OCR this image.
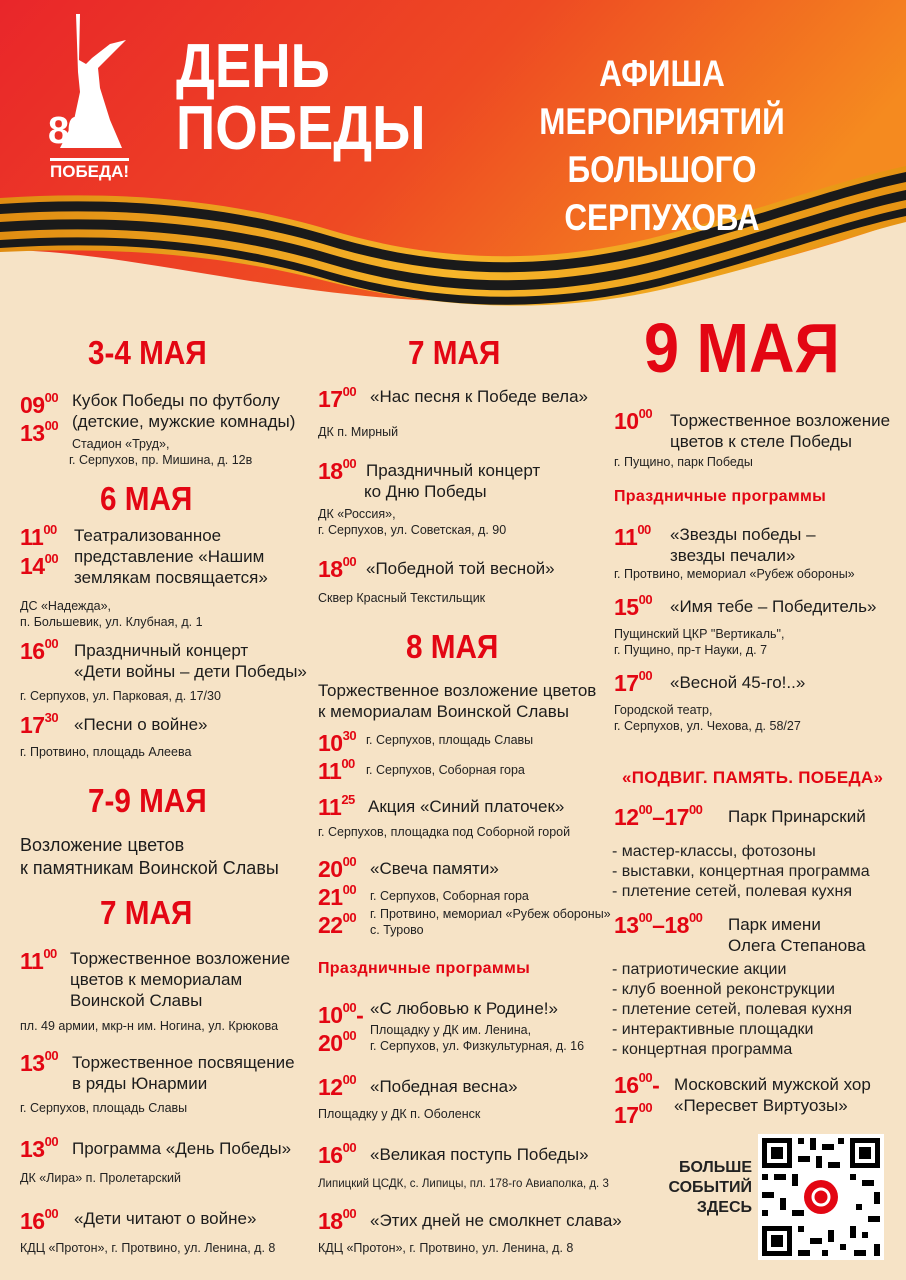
80
ПОБЕДА!
ДЕНЬ
ПОБЕДЫ
АФИША МЕРОПРИЯТИЙ
БОЛЬШОГО СЕРПУХОВА
3-4 МАЯ
$09^{00}$
$13^{00}$
Кубок Победы по футболу
(детские, мужские комнады)
Стадион «Труд»,
г. Серпухов, пр. Мишина, д. 12в
6 МАЯ
$11^{00}$
$14^{00}$
Театрализованное
представление «Нашим
землякам посвящается»
ДС «Надежда»,
п. Большевик, ул. Клубная, д. 1
$16^{00}$ Праздничный концерт
«Дети войны – дети Победы»
г. Серпухов, ул. Парковая, д. 17/30
$17^{30}$ «Песни о войне»
г. Протвино, площадь Алеева
7-9 МАЯ
Возложение цветов
к памятникам Воинской Славы
7 МАЯ
$11^{00}$ Торжественное возложение
цветов к мемориалам
Воинской Славы
пл. 49 армии, мкр-н им. Ногина, ул. Крюкова
$13^{00}$ Торжественное посвящение
в ряды Юнармии
г. Серпухов, площадь Славы
$13^{00}$ Программа «День Победы»
ДК «Лира» п. Пролетарский
$16^{00}$ «Дети читают о войне»
КДЦ «Протон», г. Протвино, ул. Ленина, д. 8
7 МАЯ
$17^{00}$ «Нас песня к Победе вела»
ДК п. Мирный
$18^{00}$ Праздничный концерт
ко Дню Победы
ДК «Россия»,
г. Серпухов, ул. Советская, д. 90
$18^{00}$ «Победной той весной»
Сквер Красный Текстильщик
8 МАЯ
Торжественное возложение цветов
к мемориалам Воинской Славы
$10^{30}$ г. Серпухов, площадь Славы
$11^{00}$ г. Серпухов, Соборная гора
$11^{25}$ Акция «Синий платочек»
г. Серпухов, площадка под Соборной горой
$20^{00}$ «Свеча памяти»
$21^{00}$ г. Серпухов, Соборная гора
$22^{00}$ г. Протвино, мемориал «Рубеж обороны»
с. Турово
Праздничные программы
$10^{00}-$
$20^{00}$
«С любовью к Родине!»
Площадку у ДК им. Ленина,
г. Серпухов, ул. Физкультурная, д. 16
$12^{00}$ «Победная весна»
Площадку у ДК п. Оболенск
$16^{00}$ «Великая поступь Победы»
Липицкий ЦСДК, с. Липицы, пл. 178-го Авиаполка, д. 3
$18^{00}$ «Этих дней не смолкнет слава»
КДЦ «Протон», г. Протвино, ул. Ленина, д. 8
9 МАЯ
$10^{00}$ Торжественное возложение
цветов к стеле Победы
г. Пущино, парк Победы
Праздничные программы
$11^{00}$ «Звезды победы –
звезды печали»
г. Протвино, мемориал «Рубеж обороны»
$15^{00}$ «Имя тебе – Победитель»
Пущинский ЦКР "Вертикаль",
г. Пущино, пр-т Науки, д. 7
$17^{00}$ «Весной 45-го!..»
Городской театр,
г. Серпухов, ул. Чехова, д. 58/27
«ПОДВИГ. ПАМЯТЬ. ПОБЕДА»
$12^{00}-17^{00}$ Парк Принарский
- мастер-классы, фотозоны
- выставки, концертная программа
- плетение сетей, полевая кухня
$13^{00}-18^{00}$ Парк имени
Олега Степанова
- патриотические акции
- клуб военной реконструкции
- плетение сетей, полевая кухня
- интерактивные площадки
- концертная программа
$16^{00}-$
$17^{00}$
Московский мужской хор
«Пересвет Виртуозы»
БОЛЬШЕ
СОБЫТИЙ
ЗДЕСЬ
